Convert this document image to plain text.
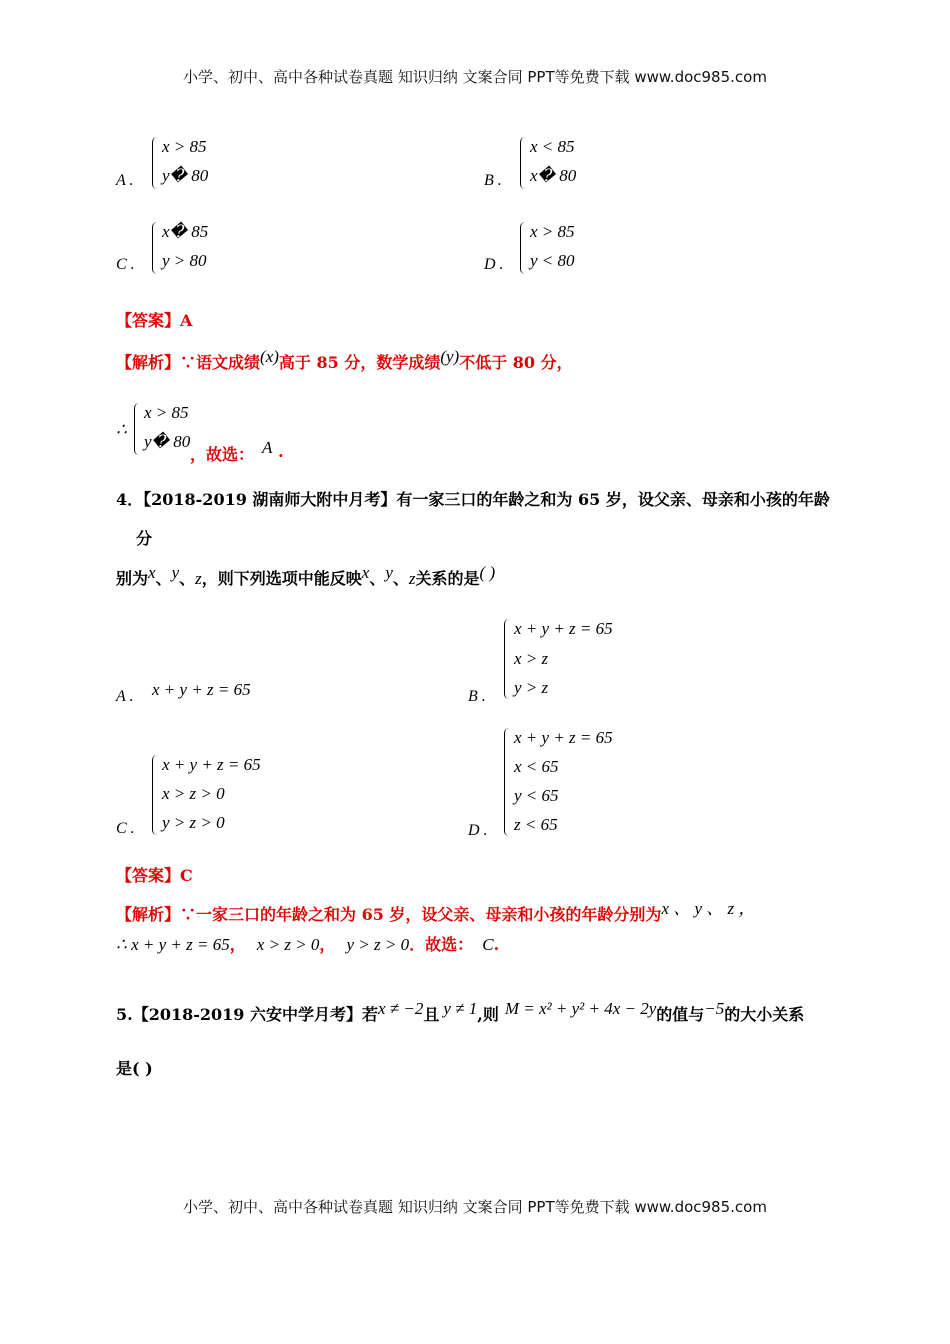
小学、初中、高中各种试卷真题 知识归纳 文案合同 PPT等免费下载 www.doc985.com
A .
x > 85
y� 80	B .
x < 85
x� 80
C .
x� 85
y > 80	D .
x > 85
y < 80
【答案】A
【解析】∵语文成绩(x)高于 85 分，数学成绩(y)不低于 80 分，
∴
x > 85
y� 80
，故选： A .
4．【2018-2019 湖南师大附中月考】有一家三口的年龄之和为 65 岁，设父亲、母亲和小孩的年龄
分
别为x、y、z，则下列选项中能反映x、y、z关系的是( )
A . x + y + z = 65	B .
x + y + z = 65
x > z
y > z
C .
x + y + z = 65
x > z > 0
y > z > 0	D .
x + y + z = 65
x < 65
y < 65
z < 65
【答案】C
【解析】∵一家三口的年龄之和为 65 岁，设父亲、母亲和小孩的年龄分别为x 、 y 、 z ，
∴ x + y + z = 65， x > z > 0， y > z > 0．故选： C.
5.【2018-2019 六安中学月考】若x ≠ −2且 y ≠ 1,则 M = x² + y² + 4x − 2y的值与−5的大小关系
是( )
小学、初中、高中各种试卷真题 知识归纳 文案合同 PPT等免费下载 www.doc985.com
